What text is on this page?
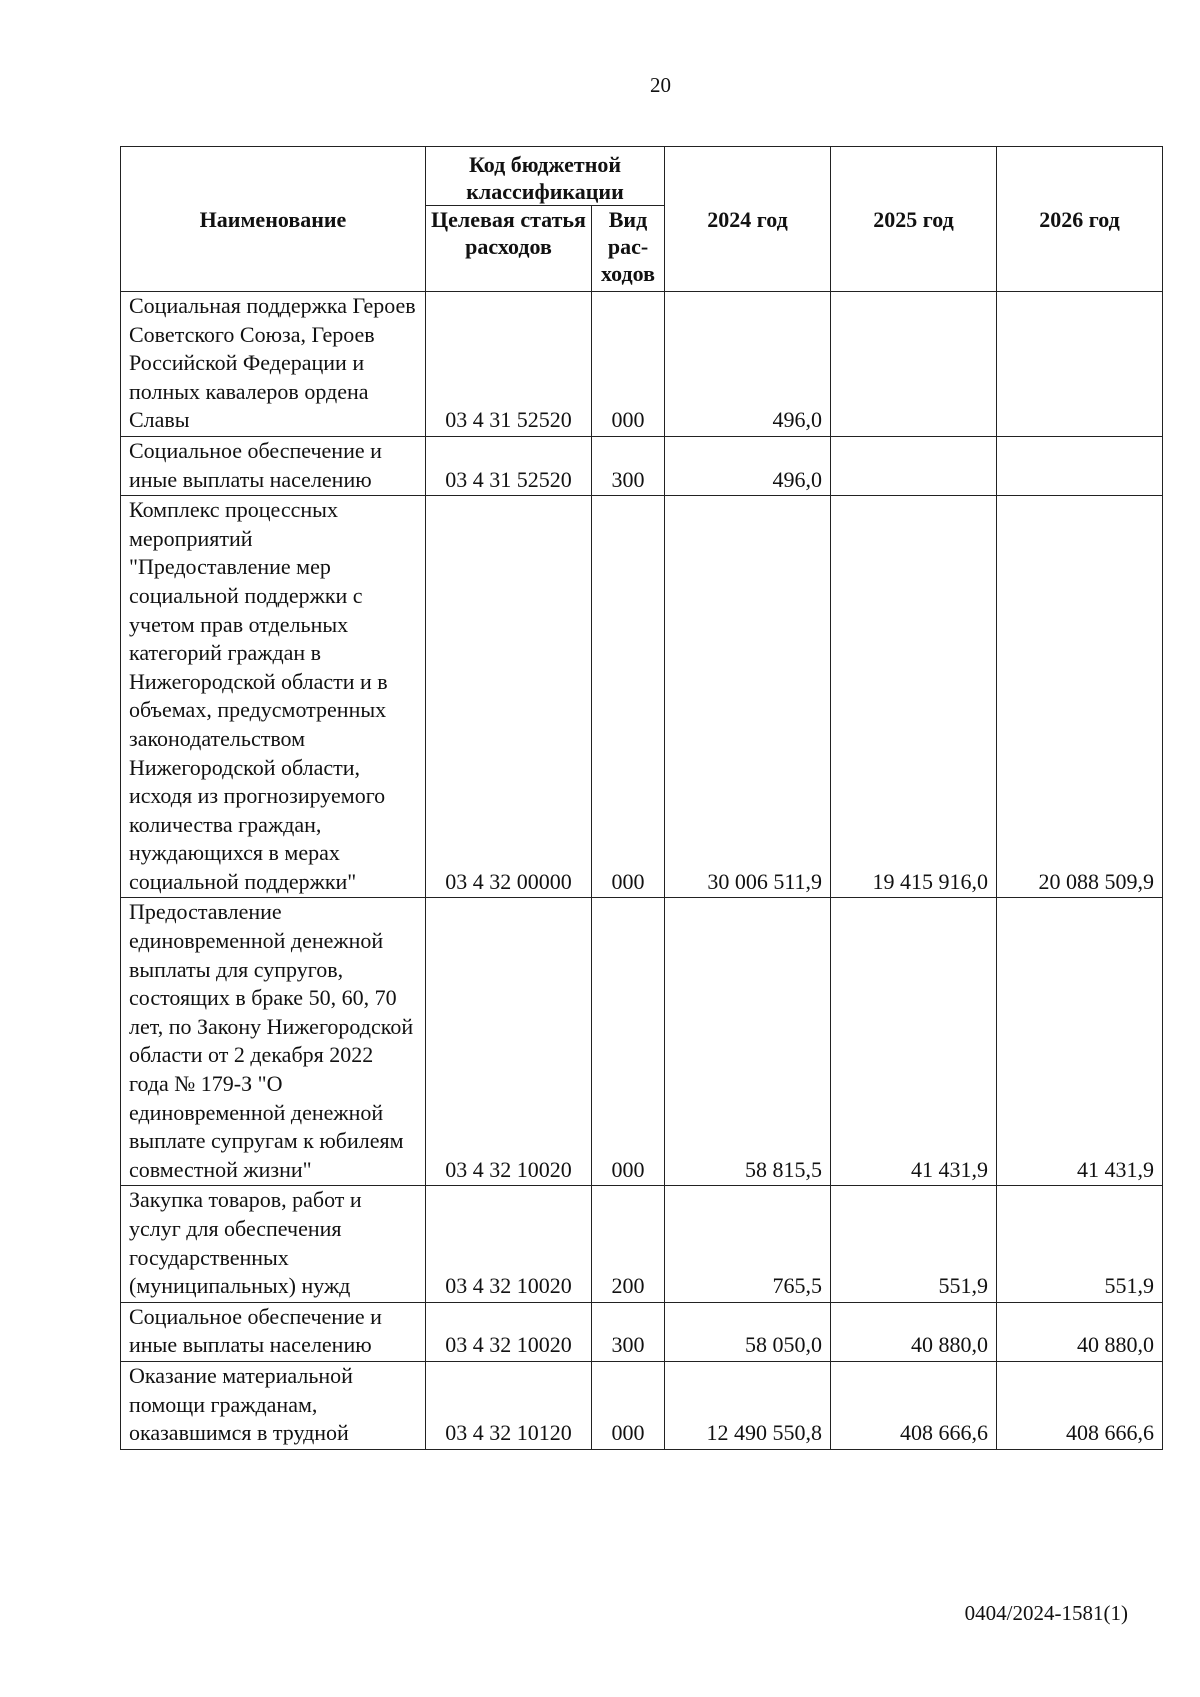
20
Наименование	Код бюджетной классификации		2024 год	2025 год	2026 год
	Целевая статья расходов	Вид рас- ходов			
Социальная поддержка Героев Советского Союза, Героев Российской Федерации и полных кавалеров ордена Славы	03 4 31 52520	000	496,0		
Социальное обеспечение и иные выплаты населению	03 4 31 52520	300	496,0		
Комплекс процессных мероприятий "Предоставление мер социальной поддержки с учетом прав отдельных категорий граждан в Нижегородской области и в объемах, предусмотренных законодательством Нижегородской области, исходя из прогнозируемого количества граждан, нуждающихся в мерах социальной поддержки"	03 4 32 00000	000	30 006 511,9	19 415 916,0	20 088 509,9
Предоставление единовременной денежной выплаты для супругов, состоящих в браке 50, 60, 70 лет, по Закону Нижегородской области от 2 декабря 2022 года № 179-З "О единовременной денежной выплате супругам к юбилеям совместной жизни"	03 4 32 10020	000	58 815,5	41 431,9	41 431,9
Закупка товаров, работ и услуг для обеспечения государственных (муниципальных) нужд	03 4 32 10020	200	765,5	551,9	551,9
Социальное обеспечение и иные выплаты населению	03 4 32 10020	300	58 050,0	40 880,0	40 880,0
Оказание материальной помощи гражданам, оказавшимся в трудной	03 4 32 10120	000	12 490 550,8	408 666,6	408 666,6
0404/2024-1581(1)
